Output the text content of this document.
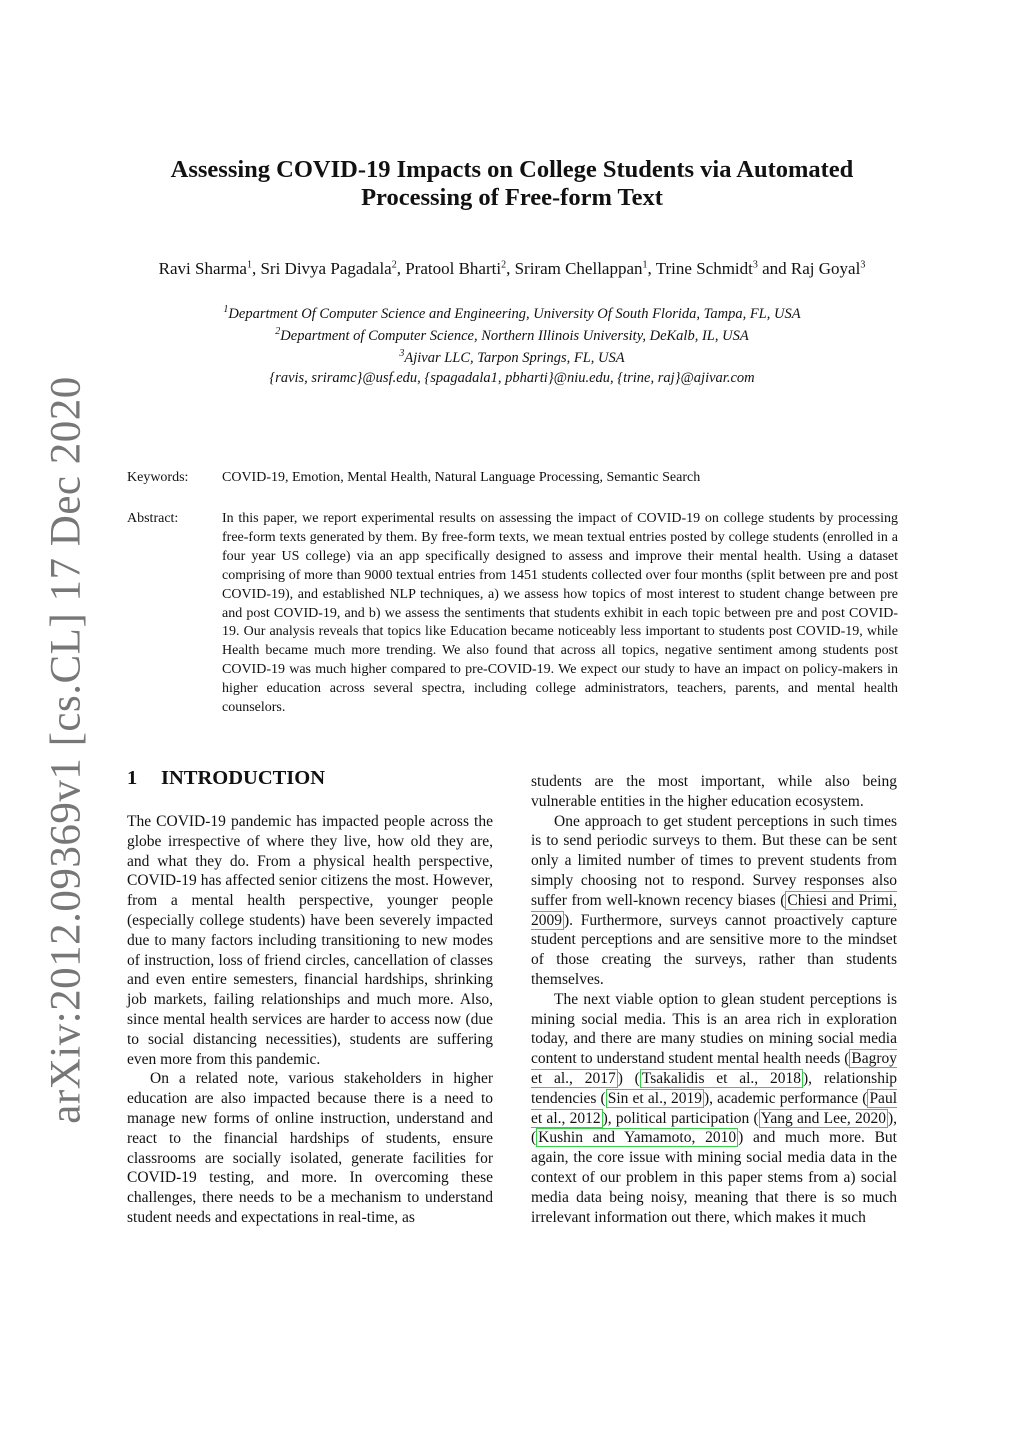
arXiv:2012.09369v1 [cs.CL] 17 Dec 2020
Assessing COVID-19 Impacts on College Students via Automated
Processing of Free-form Text
Ravi Sharma$^1$, Sri Divya Pagadala$^2$, Pratool Bharti$^2$, Sriram Chellappan$^1$, Trine Schmidt$^3$ and Raj Goyal$^3$
$^1$Department Of Computer Science and Engineering, University Of South Florida, Tampa, FL, USA
$^2$Department of Computer Science, Northern Illinois University, DeKalb, IL, USA
$^3$Ajivar LLC, Tarpon Springs, FL, USA
{ravis, sriramc}@usf.edu, {spagadala1, pbharti}@niu.edu, {trine, raj}@ajivar.com
Keywords: COVID-19, Emotion, Mental Health, Natural Language Processing, Semantic Search
Abstract:	In this paper, we report experimental results on assessing the impact of COVID-19 on college students by processing free-form texts generated by them. By free-form texts, we mean textual entries posted by college students (enrolled in a four year US college) via an app specifically designed to assess and improve their mental health. Using a dataset comprising of more than 9000 textual entries from 1451 students collected over four months (split between pre and post COVID-19), and established NLP techniques, a) we assess how topics of most interest to student change between pre and post COVID-19, and b) we assess the sentiments that students exhibit in each topic between pre and post COVID-19. Our analysis reveals that topics like Education became noticeably less important to students post COVID-19, while Health became much more trending. We also found that across all topics, negative sentiment among students post COVID-19 was much higher compared to pre-COVID-19. We expect our study to have an impact on policy-makers in higher education across several spectra, including college administrators, teachers, parents, and mental health counselors.
1 INTRODUCTION

The COVID-19 pandemic has impacted people across the globe irrespective of where they live, how old they are, and what they do. From a physical health perspective, COVID-19 has affected senior citizens the most. However, from a mental health perspective, younger people (especially college students) have been severely impacted due to many factors including transitioning to new modes of instruction, loss of friend circles, cancellation of classes and even entire semesters, financial hardships, shrinking job markets, failing relationships and much more. Also, since mental health services are harder to access now (due to social distancing necessities), students are suffering even more from this pandemic.

On a related note, various stakeholders in higher education are also impacted because there is a need to manage new forms of online instruction, understand and react to the financial hardships of students, ensure classrooms are socially isolated, generate facilities for COVID-19 testing, and more. In overcoming these challenges, there needs to be a mechanism to understand student needs and expectations in real-time, as

students are the most important, while also being vulnerable entities in the higher education ecosystem.

One approach to get student perceptions in such times is to send periodic surveys to them. But these can be sent only a limited number of times to prevent students from simply choosing not to respond. Survey responses also suffer from well-known recency biases ( Chiesi and Primi, 2009 ). Furthermore, surveys cannot proactively capture student perceptions and are sensitive more to the mindset of those creating the surveys, rather than students themselves.

The next viable option to glean student perceptions is mining social media. This is an area rich in exploration today, and there are many studies on mining social media content to understand student mental health needs ( Bagroy et al., 2017 ) ( Tsakalidis et al., 2018 ), relationship tendencies ( Sin et al., 2019 ), academic performance ( Paul et al., 2012 ), political participation ( Yang and Lee, 2020 ), ( Kushin and Yamamoto, 2010 ) and much more. But again, the core issue with mining social media data in the context of our problem in this paper stems from a) social media data being noisy, meaning that there is so much irrelevant information out there, which makes it much
